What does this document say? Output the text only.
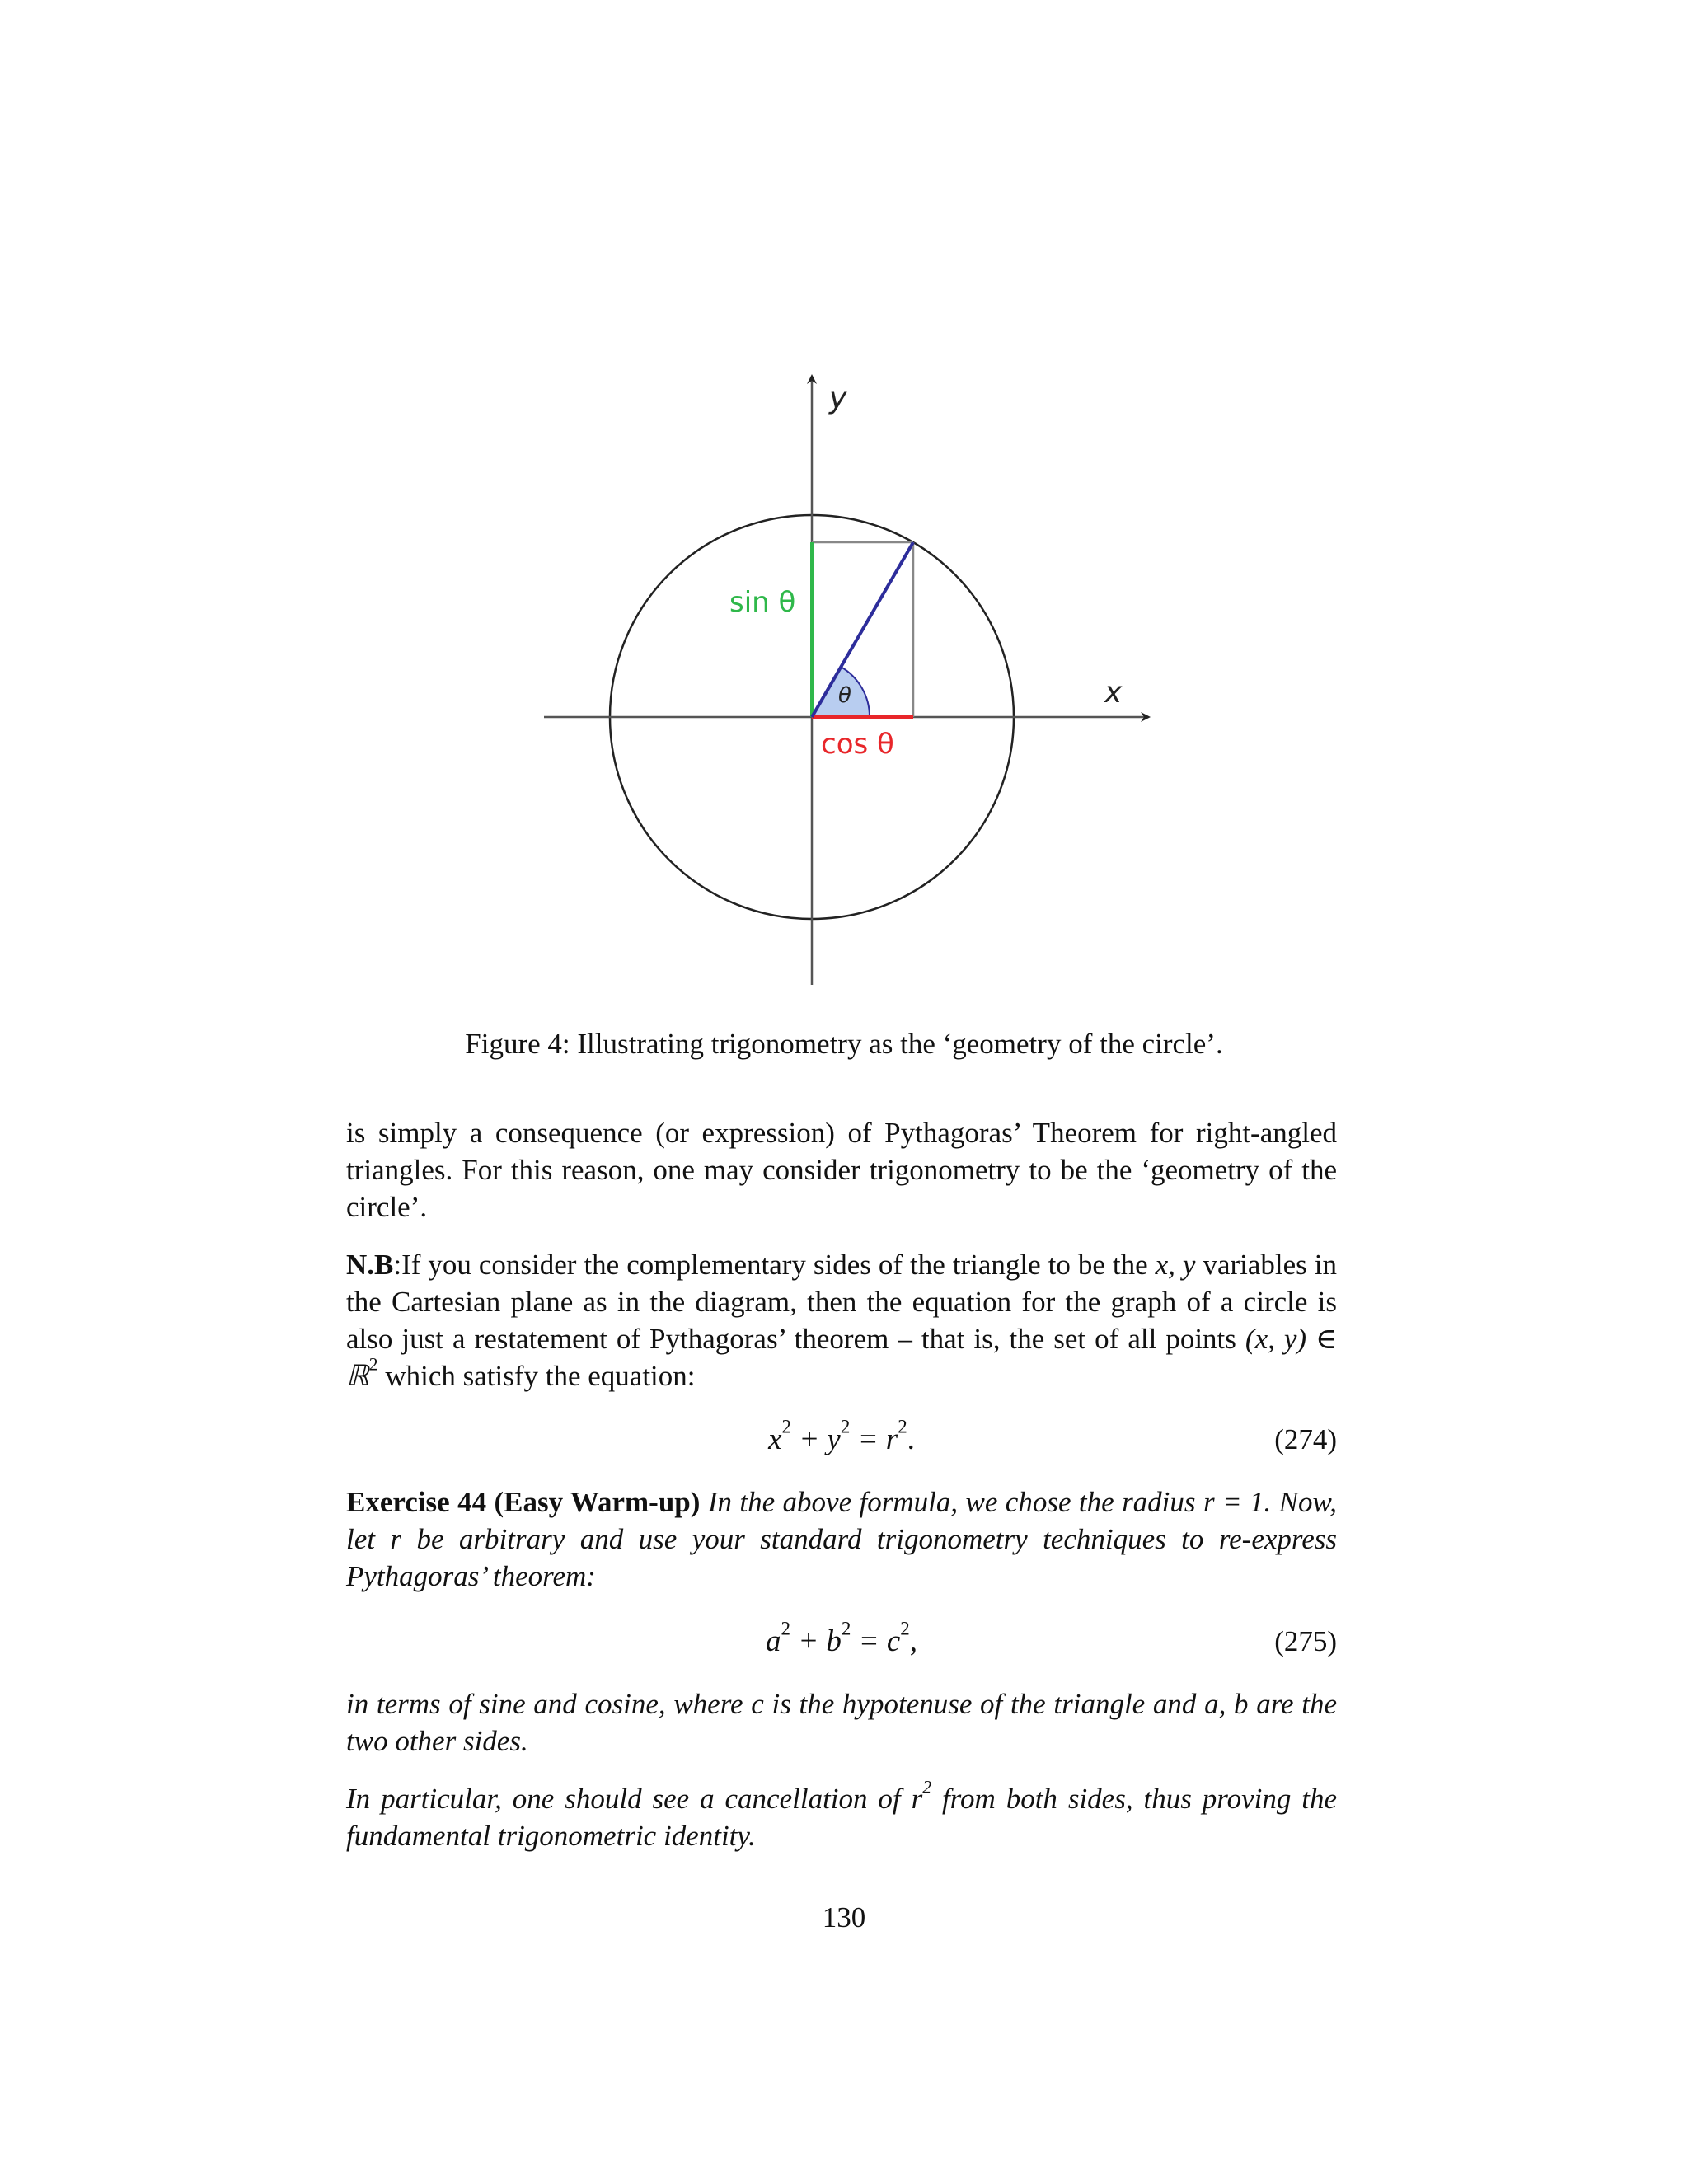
y
x
sin θ
cos θ
θ

Figure 4: Illustrating trigonometry as the ‘geometry of the circle’.

is simply a consequence (or expression) of Pythagoras’ Theorem for right-angled triangles. For this reason, one may consider trigonometry to be the ‘geometry of the circle’.

N.B:If you consider the complementary sides of the triangle to be the x, y variables in the Cartesian plane as in the diagram, then the equation for the graph of a circle is also just a restatement of Pythagoras’ theorem – that is, the set of all points (x, y) ∈ ℝ$^2$ which satisfy the equation:

$x^2 + y^2 = r^2$.	(274)

Exercise 44 (Easy Warm-up) In the above formula, we chose the radius r = 1. Now, let r be arbitrary and use your standard trigonometry techniques to re-express Pythagoras’ theorem:

$a^2 + b^2 = c^2$,	(275)

in terms of sine and cosine, where c is the hypotenuse of the triangle and a, b are the two other sides.

In particular, one should see a cancellation of $r^2$ from both sides, thus proving the fundamental trigonometric identity.

130
